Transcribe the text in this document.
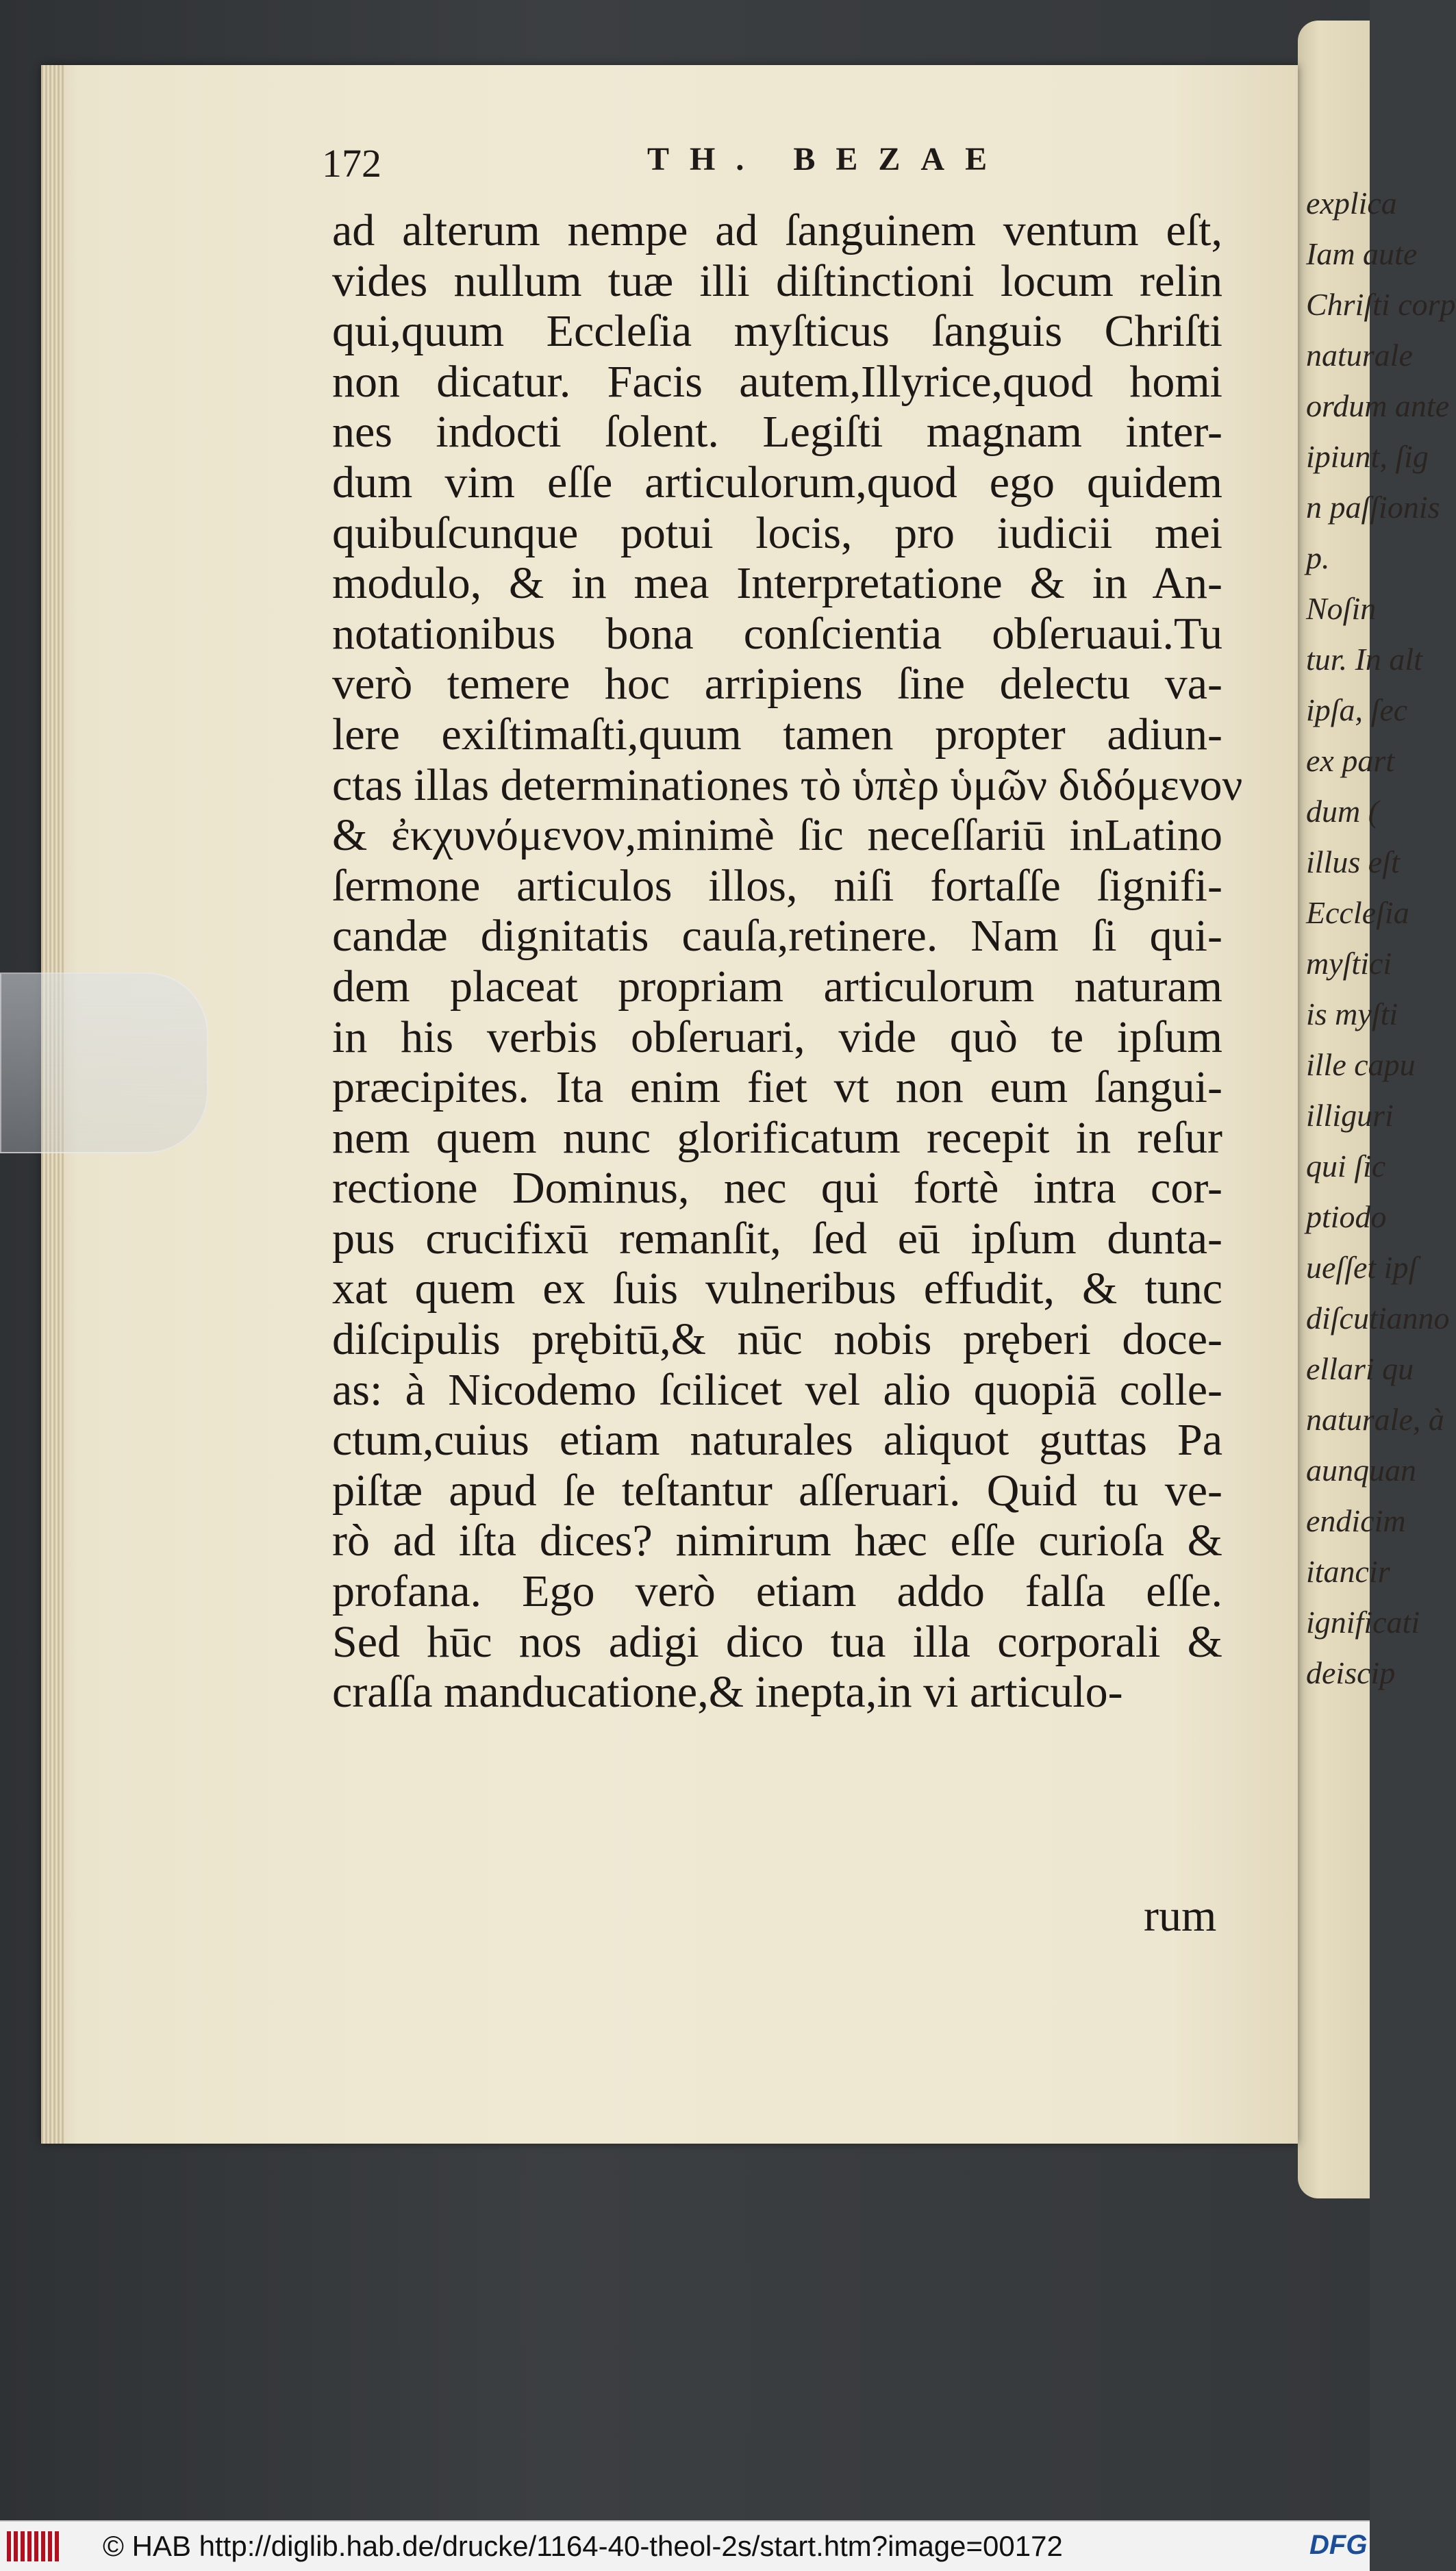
explica
Iam aute
Chriſti corp
naturale
ordum ante
ipiunt, ſig
n paſſionis
p.
Noſin
tur. In alt
ipſa, ſec
ex part
dum (
illus eſt
Eccleſia
myſtici
is myſti
ille capu
illiguri
qui ſic
ptiodo
ueſſet ipſ
diſcutianno
ellari qu
naturale, à
aunquan
endicim
itancir
ignificati
deiscip
172	TH. BEZAE
ad alterum nempe ad ſanguinem ventum eſt,
vides nullum tuæ illi diſtinctioni locum relin
qui,quum Eccleſia myſticus ſanguis Chriſti
non dicatur. Facis autem,Illyrice,quod homi
nes indocti ſolent. Legiſti magnam inter-
dum vim eſſe articulorum,quod ego quidem
quibuſcunque potui locis, pro iudicii mei
modulo, & in mea Interpretatione & in An-
notationibus bona conſcientia obſeruaui.Tu
verò temere hoc arripiens ſine delectu va-
lere exiſtimaſti,quum tamen propter adiun-
ctas illas determinationes τὸ ὑπὲρ ὑμῶν διδόμενον
& ἐκχυνόμενον,minimè ſic neceſſariū inLatino
ſermone articulos illos, niſi fortaſſe ſignifi-
candæ dignitatis cauſa,retinere. Nam ſi qui-
dem placeat propriam articulorum naturam
in his verbis obſeruari, vide quò te ipſum
præcipites. Ita enim fiet vt non eum ſangui-
nem quem nunc glorificatum recepit in reſur
rectione Dominus, nec qui fortè intra cor-
pus crucifixū remanſit, ſed eū ipſum dunta-
xat quem ex ſuis vulneribus effudit, & tunc
diſcipulis prębitū,& nūc nobis pręberi doce-
as: à Nicodemo ſcilicet vel alio quopiā colle-
ctum,cuius etiam naturales aliquot guttas Pa
piſtæ apud ſe teſtantur aſſeruari. Quid tu ve-
rò ad iſta dices? nimirum hæc eſſe curioſa &
profana. Ego verò etiam addo falſa eſſe.
Sed hūc nos adigi dico tua illa corporali &
craſſa manducatione,& inepta,in vi articulo-
rum
© HAB http://diglib.hab.de/drucke/1164-40-theol-2s/start.htm?image=00172	DFG
